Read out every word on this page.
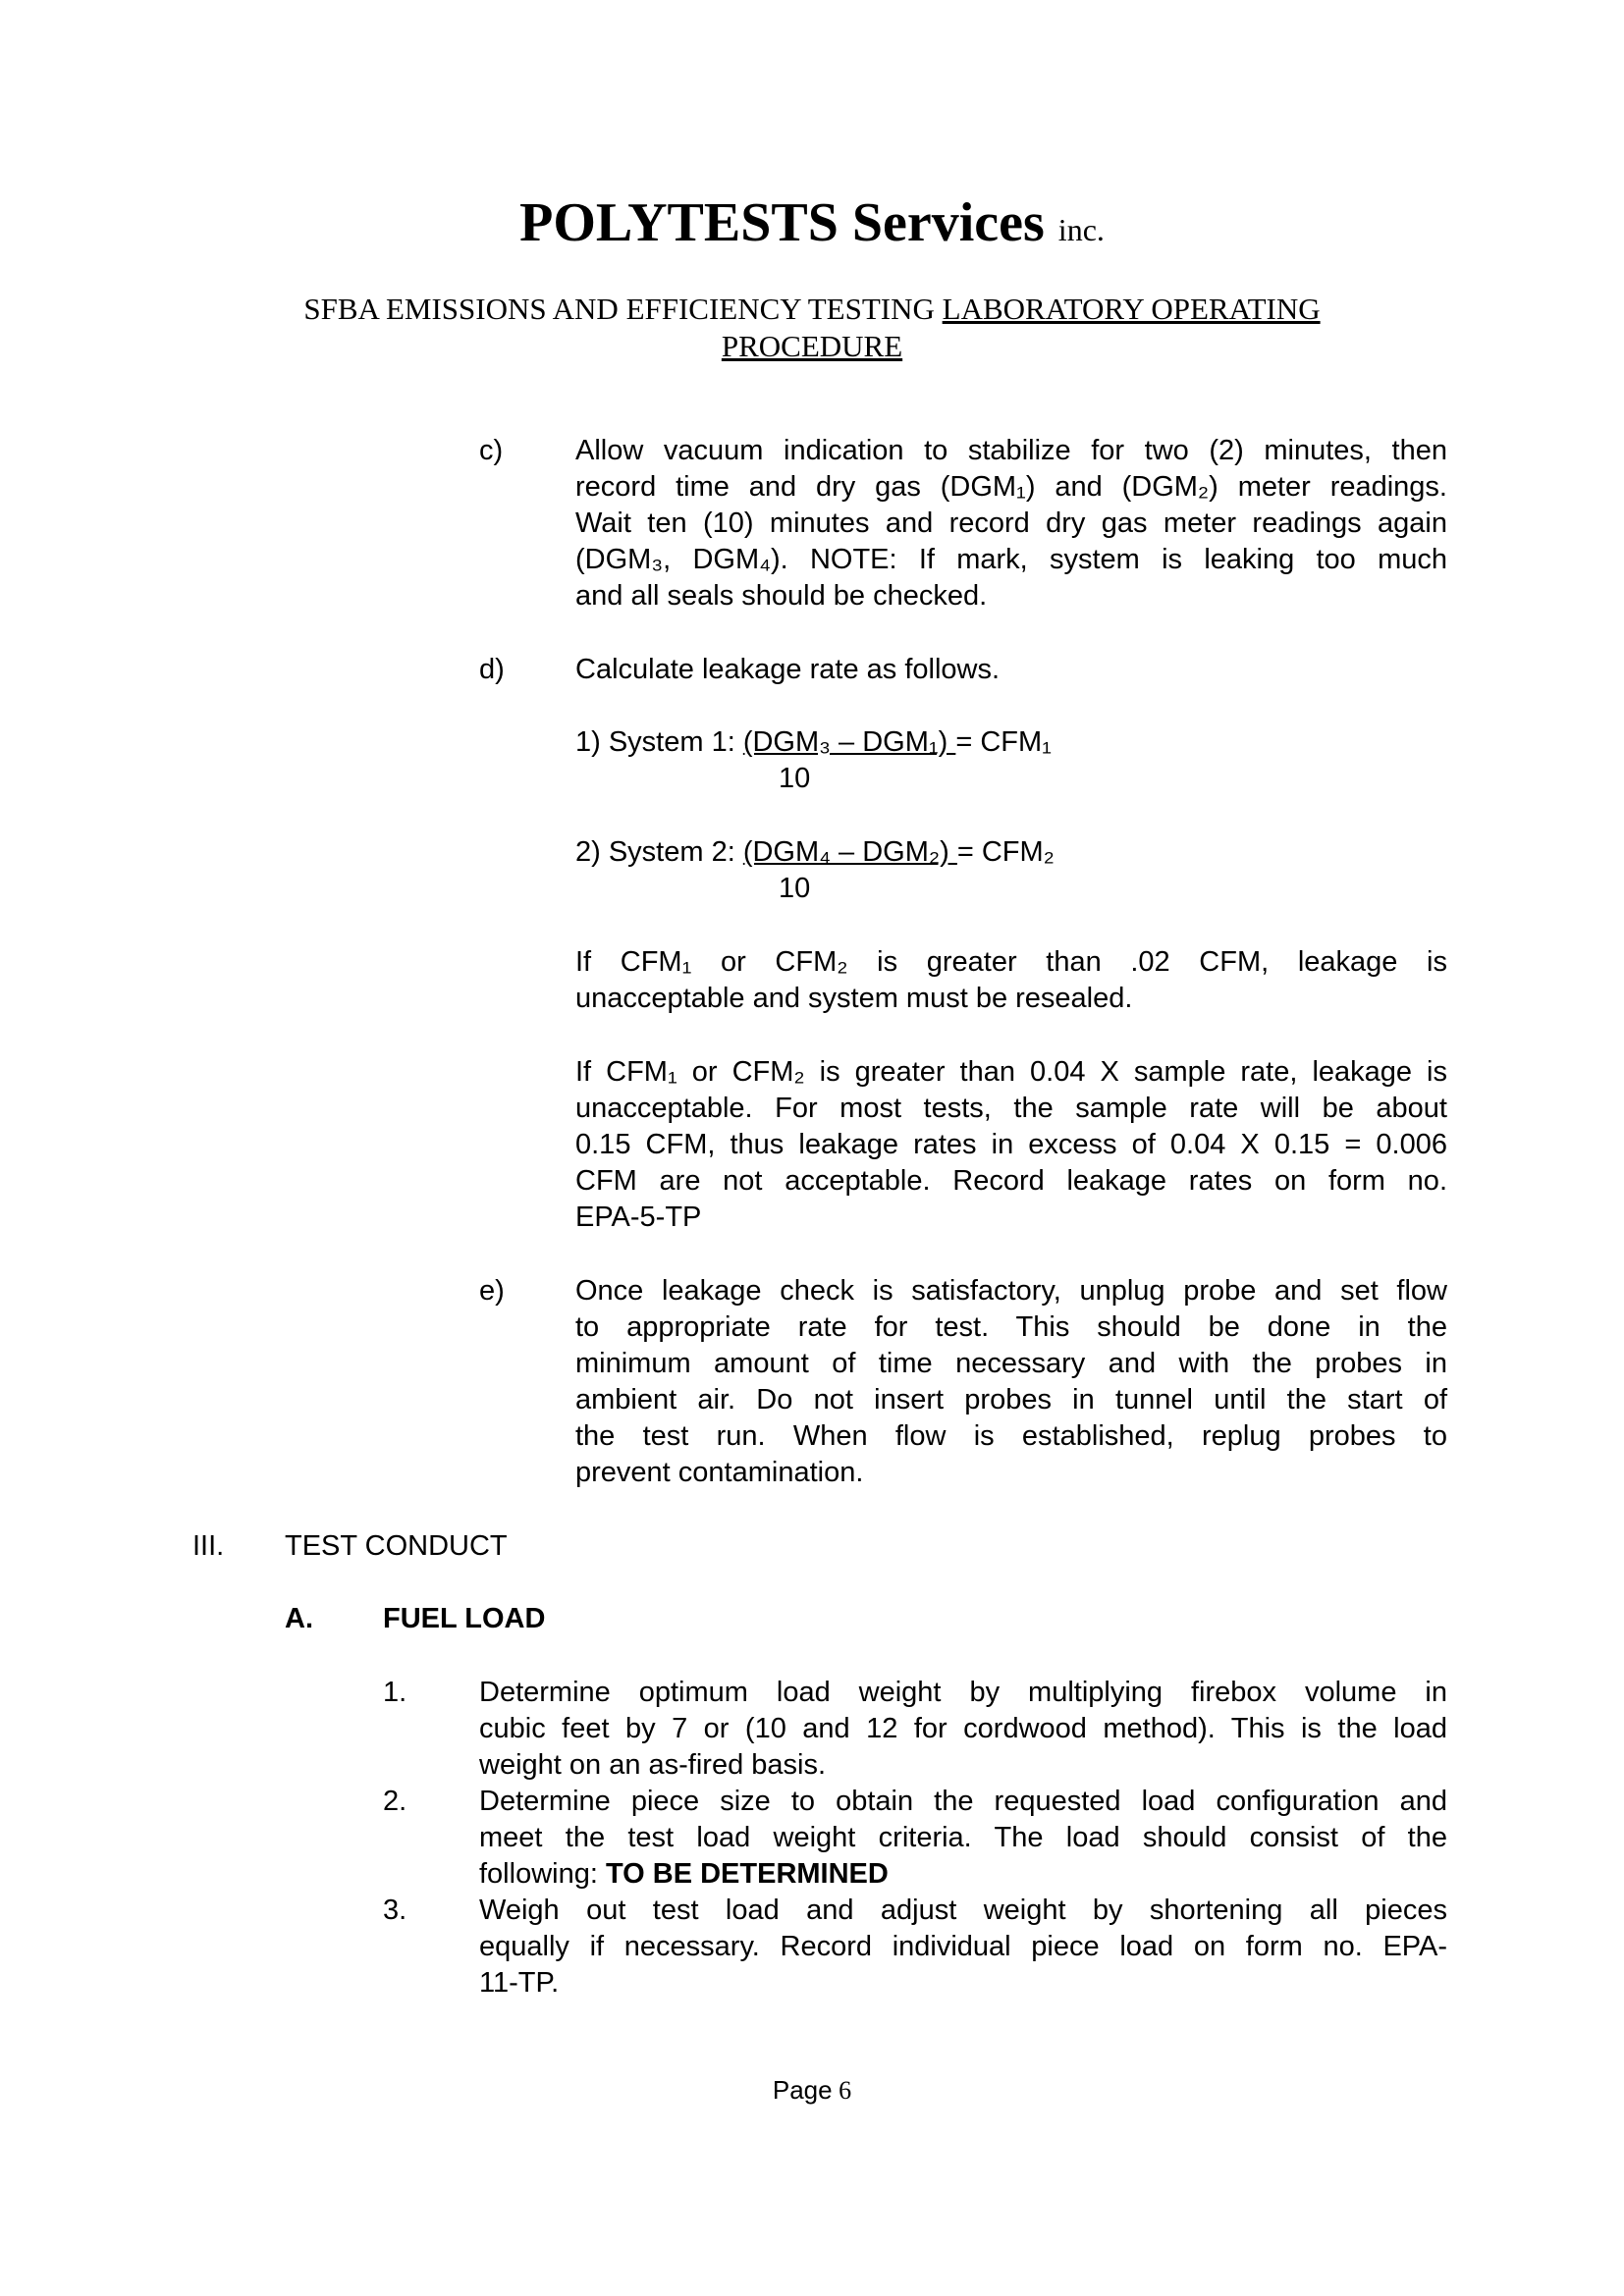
POLYTESTS Services inc.
SFBA EMISSIONS AND EFFICIENCY TESTING LABORATORY OPERATING
PROCEDURE
c)	Allow vacuum indication to stabilize for two (2) minutes, then
record time and dry gas (DGM₁) and (DGM₂) meter readings.
Wait ten (10) minutes and record dry gas meter readings again
(DGM₃, DGM₄). NOTE: If mark, system is leaking too much
and all seals should be checked.
d) Calculate leakage rate as follows.
1) System 1: (DGM₃ – DGM₁) = CFM₁
10
2) System 2: (DGM₄ – DGM₂) = CFM₂
10
If CFM₁ or CFM₂ is greater than .02 CFM, leakage is
unacceptable and system must be resealed.
If CFM₁ or CFM₂ is greater than 0.04 X sample rate, leakage is
unacceptable. For most tests, the sample rate will be about
0.15 CFM, thus leakage rates in excess of 0.04 X 0.15 = 0.006
CFM are not acceptable. Record leakage rates on form no.
EPA-5-TP
e) Once leakage check is satisfactory, unplug probe and set flow
to appropriate rate for test. This should be done in the
minimum amount of time necessary and with the probes in
ambient air. Do not insert probes in tunnel until the start of
the test run. When flow is established, replug probes to
prevent contamination.
III. TEST CONDUCT
A. FUEL LOAD
1.	Determine optimum load weight by multiplying firebox volume in
cubic feet by 7 or (10 and 12 for cordwood method). This is the load
weight on an as-fired basis.
2.	Determine piece size to obtain the requested load configuration and
meet the test load weight criteria. The load should consist of the
following: TO BE DETERMINED
3.	Weigh out test load and adjust weight by shortening all pieces
equally if necessary. Record individual piece load on form no. EPA-
11-TP.
Page 6
